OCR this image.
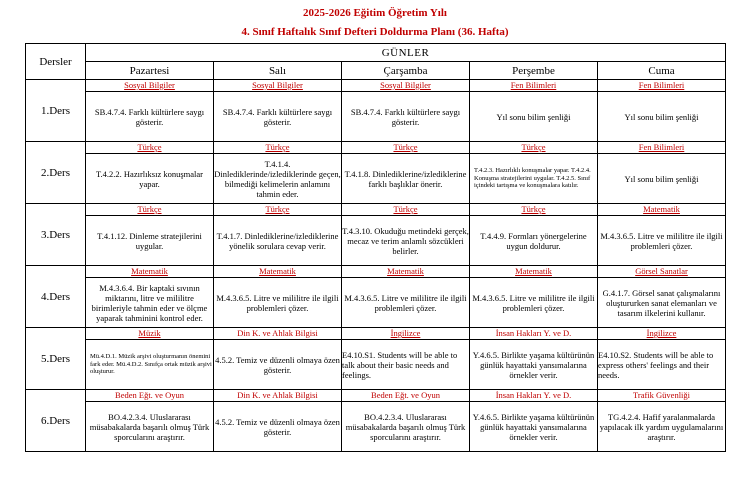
2025-2026 Eğitim Öğretim Yılı
4. Sınıf Haftalık Sınıf Defteri Doldurma Planı (36. Hafta)
Dersler	GÜNLER				
	Pazartesi	Salı	Çarşamba	Perşembe	Cuma
1.Ders	Sosyal Bilgiler	Sosyal Bilgiler	Sosyal Bilgiler	Fen Bilimleri	Fen Bilimleri
	SB.4.7.4. Farklı kültürlere saygı gösterir.	SB.4.7.4. Farklı kültürlere saygı gösterir.	SB.4.7.4. Farklı kültürlere saygı gösterir.	Yıl sonu bilim şenliği	Yıl sonu bilim şenliği
2.Ders	Türkçe	Türkçe	Türkçe	Türkçe	Fen Bilimleri
	T.4.2.2. Hazırlıksız konuşmalar yapar.	T.4.1.4. Dinlediklerinde/izlediklerinde geçen, bilmediği kelimelerin anlamını tahmin eder.	T.4.1.8. Dinlediklerine/izlediklerine farklı başlıklar önerir.	T.4.2.3. Hazırlıklı konuşmalar yapar. T.4.2.4. Konuşma stratejilerini uygular. T.4.2.5. Sınıf içindeki tartışma ve konuşmalara katılır.	Yıl sonu bilim şenliği
3.Ders	Türkçe	Türkçe	Türkçe	Türkçe	Matematik
	T.4.1.12. Dinleme stratejilerini uygular.	T.4.1.7. Dinlediklerine/izlediklerine yönelik sorulara cevap verir.	T.4.3.10. Okuduğu metindeki gerçek, mecaz ve terim anlamlı sözcükleri belirler.	T.4.4.9. Formları yönergelerine uygun doldurur.	M.4.3.6.5. Litre ve mililitre ile ilgili problemleri çözer.
4.Ders	Matematik	Matematik	Matematik	Matematik	Görsel Sanatlar
	M.4.3.6.4. Bir kaptaki sıvının miktarını, litre ve mililitre birimleriyle tahmin eder ve ölçme yaparak tahminini kontrol eder.	M.4.3.6.5. Litre ve mililitre ile ilgili problemleri çözer.	M.4.3.6.5. Litre ve mililitre ile ilgili problemleri çözer.	M.4.3.6.5. Litre ve mililitre ile ilgili problemleri çözer.	G.4.1.7. Görsel sanat çalışmalarını oluştururken sanat elemanları ve tasarım ilkelerini kullanır.
5.Ders	Müzik	Din K. ve Ahlak Bilgisi	İngilizce	İnsan Hakları Y. ve D.	İngilizce
	Mü.4.D.1. Müzik arşivi oluşturmanın önemini fark eder. Mü.4.D.2. Sınıfça ortak müzik arşivi oluşturur.	4.5.2. Temiz ve düzenli olmaya özen gösterir.	E4.10.S1. Students will be able to talk about their basic needs and feelings.	Y.4.6.5. Birlikte yaşama kültürünün günlük hayattaki yansımalarına örnekler verir.	E4.10.S2. Students will be able to express others' feelings and their needs.
6.Ders	Beden Eğt. ve Oyun	Din K. ve Ahlak Bilgisi	Beden Eğt. ve Oyun	İnsan Hakları Y. ve D.	Trafik Güvenliği
	BO.4.2.3.4. Uluslararası müsabakalarda başarılı olmuş Türk sporcularını araştırır.	4.5.2. Temiz ve düzenli olmaya özen gösterir.	BO.4.2.3.4. Uluslararası müsabakalarda başarılı olmuş Türk sporcularını araştırır.	Y.4.6.5. Birlikte yaşama kültürünün günlük hayattaki yansımalarına örnekler verir.	TG.4.2.4. Hafif yaralanmalarda yapılacak ilk yardım uygulamalarını araştırır.
